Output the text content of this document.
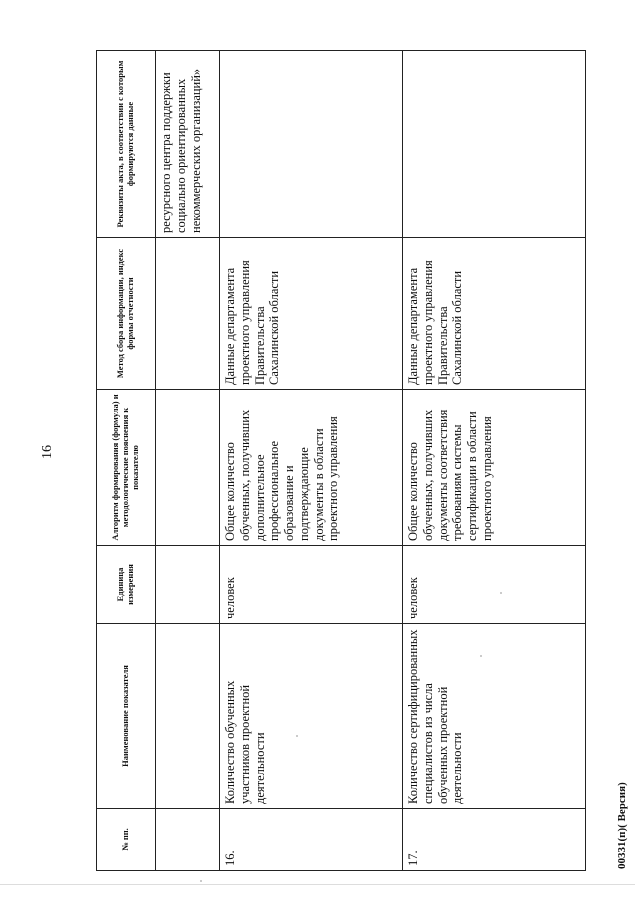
16
№ пп.	Наименование показателя	Единица измерения	Алгоритм формирования (формула) и методологические пояснения к показателю	Метод сбора информации, индекс формы отчетности	Реквизиты акта, в соответствии с которым формируются данные
					ресурсного центра поддержки социально ориентированных некоммерческих организаций»
16.	Количество обученных участников проектной деятельности	человек	Общее количество обученных, получивших дополнительное профессиональное образование и подтверждающие документы в области проектного управления	Данные департамента проектного управления Правительства Сахалинской области	
17.	Количество сертифицированных специалистов из числа обученных проектной деятельности	человек	Общее количество обученных, получивших документы соответствия требованиям системы сертификации в области проектного управления	Данные департамента проектного управления Правительства Сахалинской области	
00331(п)( Версия)
